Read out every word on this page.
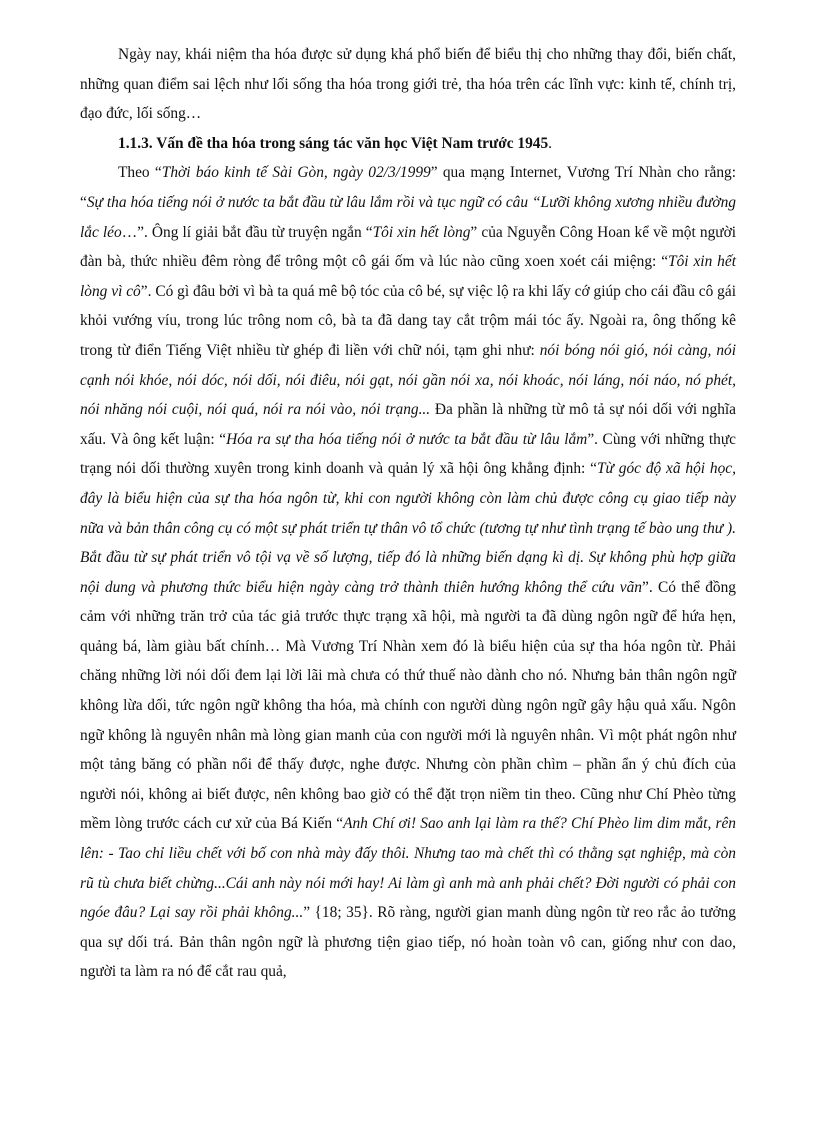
Ngày nay, khái niệm tha hóa được sử dụng khá phổ biến để biểu thị cho những thay đổi, biến chất, những quan điểm sai lệch như lối sống tha hóa trong giới trẻ, tha hóa trên các lĩnh vực: kinh tế, chính trị, đạo đức, lối sống…

1.1.3. Vấn đề tha hóa trong sáng tác văn học Việt Nam trước 1945.

Theo “Thời báo kinh tế Sài Gòn, ngày 02/3/1999” qua mạng Internet, Vương Trí Nhàn cho rằng: “Sự tha hóa tiếng nói ở nước ta bắt đầu từ lâu lắm rồi và tục ngữ có câu “Lưỡi không xương nhiều đường lắc léo…”. Ông lí giải bắt đầu từ truyện ngắn “Tôi xin hết lòng” của Nguyễn Công Hoan kể về một người đàn bà, thức nhiều đêm ròng để trông một cô gái ốm và lúc nào cũng xoen xoét cái miệng: “Tôi xin hết lòng vì cô”. Có gì đâu bởi vì bà ta quá mê bộ tóc của cô bé, sự việc lộ ra khi lấy cớ giúp cho cái đầu cô gái khỏi vướng víu, trong lúc trông nom cô, bà ta đã dang tay cắt trộm mái tóc ấy. Ngoài ra, ông thống kê trong từ điển Tiếng Việt nhiều từ ghép đi liền với chữ nói, tạm ghi như: nói bóng nói gió, nói càng, nói cạnh nói khóe, nói dóc, nói dối, nói điêu, nói gạt, nói gần nói xa, nói khoác, nói láng, nói náo, nó phét, nói nhăng nói cuội, nói quá, nói ra nói vào, nói trạng... Đa phần là những từ mô tả sự nói dối với nghĩa xấu. Và ông kết luận: “Hóa ra sự tha hóa tiếng nói ở nước ta bắt đầu từ lâu lắm”. Cùng với những thực trạng nói dối thường xuyên trong kinh doanh và quản lý xã hội ông khẳng định: “Từ góc độ xã hội học, đây là biểu hiện của sự tha hóa ngôn từ, khi con người không còn làm chủ được công cụ giao tiếp này nữa và bản thân công cụ có một sự phát triển tự thân vô tổ chức (tương tự như tình trạng tế bào ung thư ). Bắt đầu từ sự phát triển vô tội vạ về số lượng, tiếp đó là những biến dạng kì dị. Sự không phù hợp giữa nội dung và phương thức biểu hiện ngày càng trở thành thiên hướng không thể cứu vãn”. Có thể đồng cảm với những trăn trở của tác giả trước thực trạng xã hội, mà người ta đã dùng ngôn ngữ để hứa hẹn, quảng bá, làm giàu bất chính… Mà Vương Trí Nhàn xem đó là biểu hiện của sự tha hóa ngôn từ. Phải chăng những lời nói dối đem lại lời lãi mà chưa có thứ thuế nào dành cho nó. Nhưng bản thân ngôn ngữ không lừa dối, tức ngôn ngữ không tha hóa, mà chính con người dùng ngôn ngữ gây hậu quả xấu. Ngôn ngữ không là nguyên nhân mà lòng gian manh của con người mới là nguyên nhân. Vì một phát ngôn như một tảng băng có phần nổi để thấy được, nghe được. Nhưng còn phần chìm – phần ẩn ý chủ đích của người nói, không ai biết được, nên không bao giờ có thể đặt trọn niềm tin theo. Cũng như Chí Phèo từng mềm lòng trước cách cư xử của Bá Kiến “Anh Chí ơi! Sao anh lại làm ra thế? Chí Phèo lim dim mắt, rên lên: - Tao chỉ liều chết với bố con nhà mày đấy thôi. Nhưng tao mà chết thì có thằng sạt nghiệp, mà còn rũ tù chưa biết chừng...Cái anh này nói mới hay! Ai làm gì anh mà anh phải chết? Đời người có phải con ngóe đâu? Lại say rồi phải không...” {18; 35}. Rõ ràng, người gian manh dùng ngôn từ reo rắc ảo tưởng qua sự dối trá. Bản thân ngôn ngữ là phương tiện giao tiếp, nó hoàn toàn vô can, giống như con dao, người ta làm ra nó để cắt rau quả,
